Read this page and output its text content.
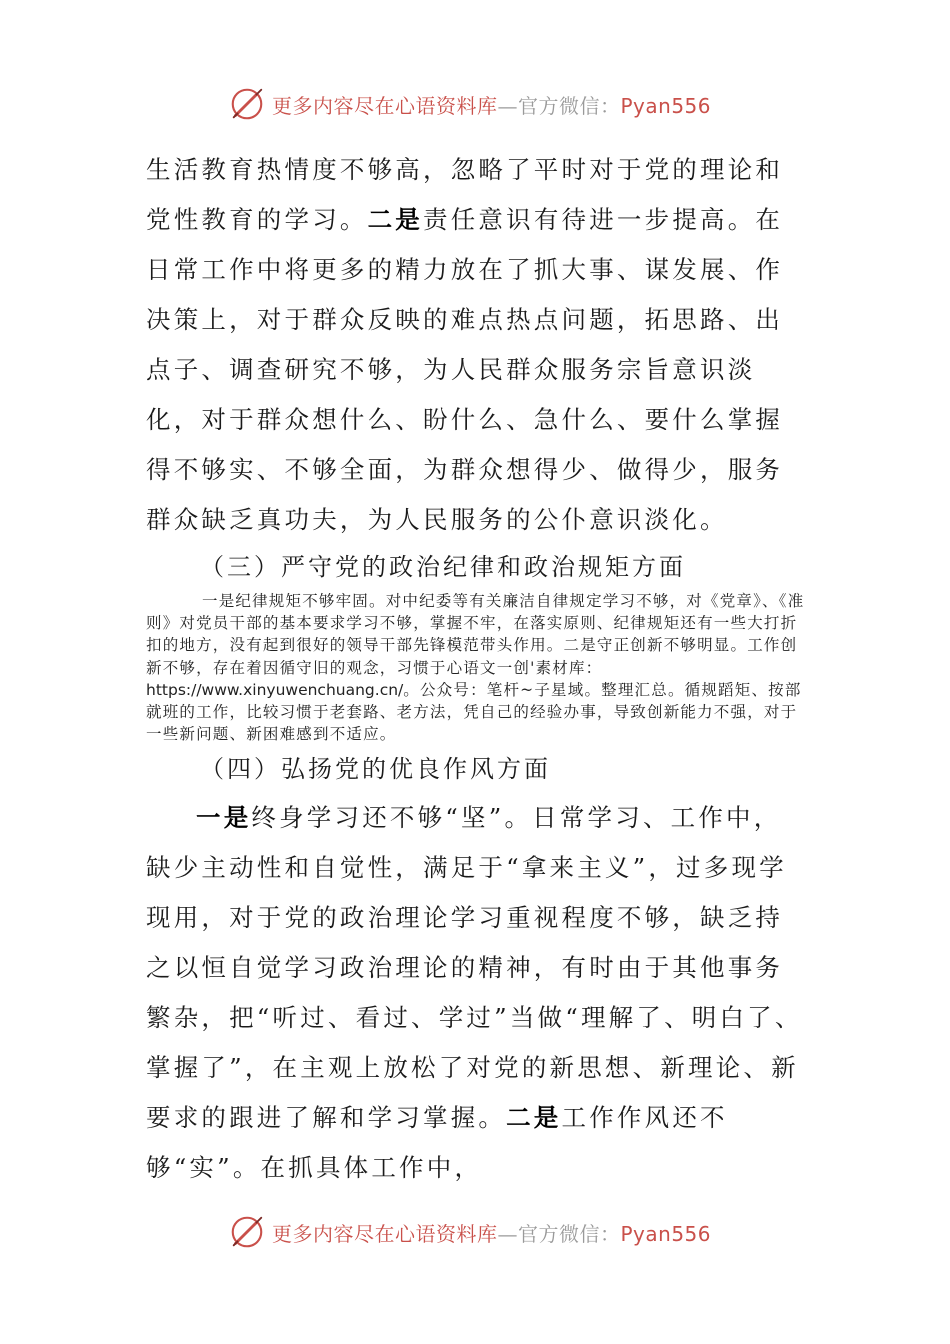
更多内容尽在心语资料库—官方微信：Pyan556

生活教育热情度不够高，忽略了平时对于党的理论和党性教育的学习。二是责任意识有待进一步提高。在日常工作中将更多的精力放在了抓大事、谋发展、作决策上，对于群众反映的难点热点问题，拓思路、出点子、调查研究不够，为人民群众服务宗旨意识淡化，对于群众想什么、盼什么、急什么、要什么掌握得不够实、不够全面，为群众想得少、做得少，服务群众缺乏真功夫，为人民服务的公仆意识淡化。

（三）严守党的政治纪律和政治规矩方面

一是纪律规矩不够牢固。对中纪委等有关廉洁自律规定学习不够，对《党章》、《准则》对党员干部的基本要求学习不够，掌握不牢，在落实原则、纪律规矩还有一些大打折扣的地方，没有起到很好的领导干部先锋模范带头作用。二是守正创新不够明显。工作创新不够，存在着因循守旧的观念，习惯于心语文一创'素材库：https://www.xinyuwenchuang.cn/。公众号：笔杆~子星域。整理汇总。循规蹈矩、按部就班的工作，比较习惯于老套路、老方法，凭自己的经验办事，导致创新能力不强，对于一些新问题、新困难感到不适应。

（四）弘扬党的优良作风方面

一是终身学习还不够“坚”。日常学习、工作中，缺少主动性和自觉性，满足于“拿来主义”，过多现学现用，对于党的政治理论学习重视程度不够，缺乏持之以恒自觉学习政治理论的精神，有时由于其他事务繁杂，把“听过、看过、学过”当做“理解了、明白了、掌握了”，在主观上放松了对党的新思想、新理论、新要求的跟进了解和学习掌握。二是工作作风还不够“实”。在抓具体工作中，

更多内容尽在心语资料库—官方微信：Pyan556
